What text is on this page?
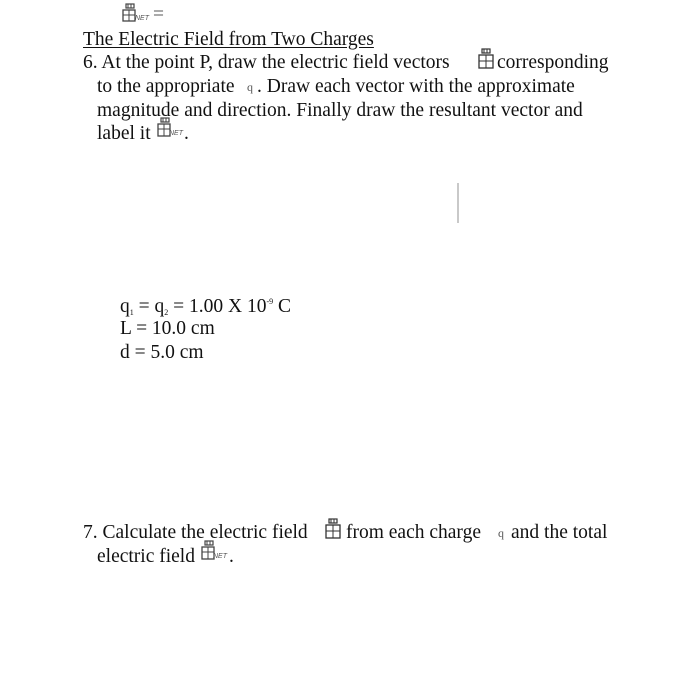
NET =
The Electric Field from Two Charges
6. At the point P, draw the electric field vectors corresponding
to the appropriate q . Draw each vector with the approximate
magnitude and direction. Finally draw the resultant vector and
label it	NET .
$q_1 = q_2 = 1.00$ X $10^{-9}$ C
L = 10.0 cm
d = 5.0 cm
7. Calculate the electric field from each charge q and the total
electric field	NET .
